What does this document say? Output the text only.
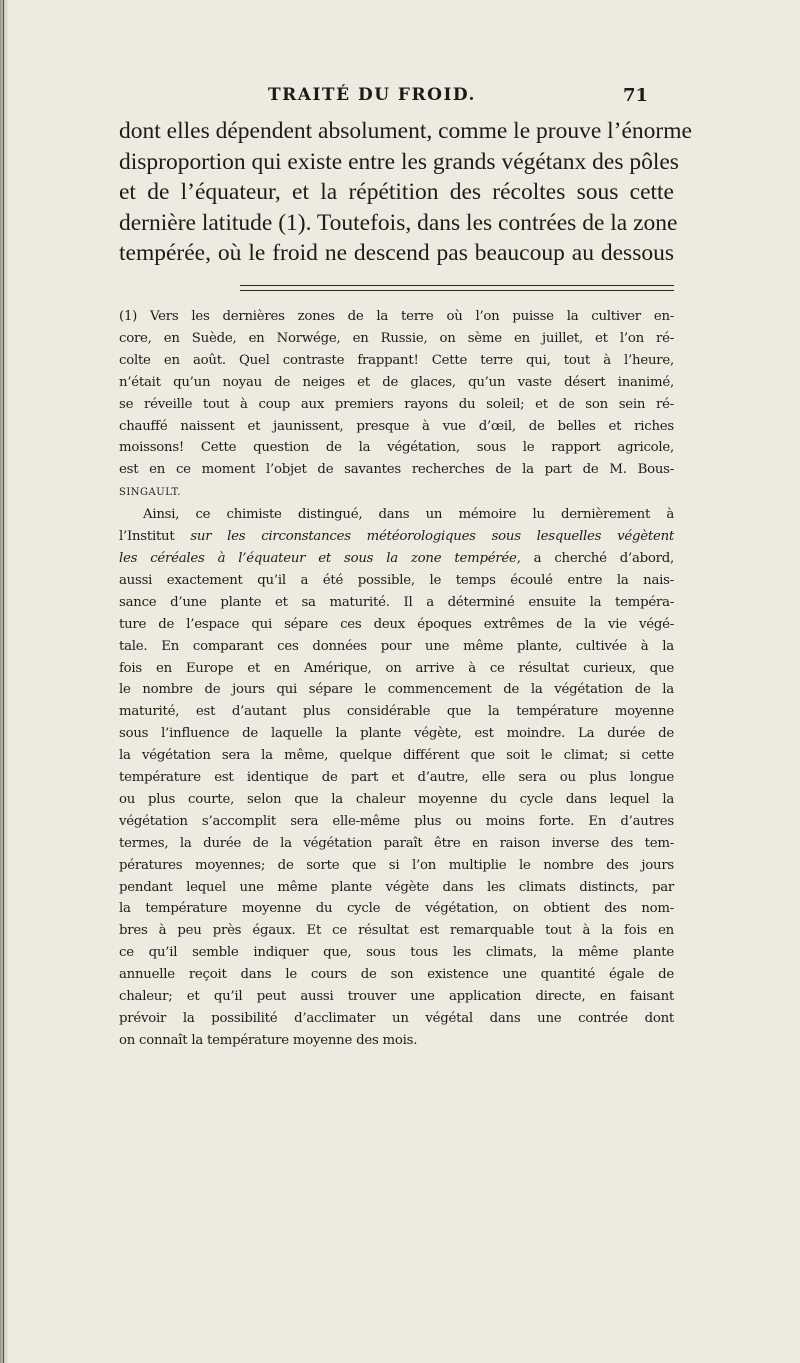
TRAITÉ DU FROID.	71
dont elles dépendent absolument, comme le prouve l’énorme
disproportion qui existe entre les grands végétanx des pôles
et de l’équateur, et la répétition des récoltes sous cette
dernière latitude (1). Toutefois, dans les contrées de la zone
tempérée, où le froid ne descend pas beaucoup au dessous
(1) Vers les dernières zones de la terre où l’on puisse la cultiver en-
core, en Suède, en Norwége, en Russie, on sème en juillet, et l’on ré-
colte en août. Quel contraste frappant! Cette terre qui, tout à l’heure,
n’était qu’un noyau de neiges et de glaces, qu’un vaste désert inanimé,
se réveille tout à coup aux premiers rayons du soleil; et de son sein ré-
chauffé naissent et jaunissent, presque à vue d’œil, de belles et riches
moissons! Cette question de la végétation, sous le rapport agricole,
est en ce moment l’objet de savantes recherches de la part de M. Bous-
SINGAULT.
Ainsi, ce chimiste distingué, dans un mémoire lu dernièrement à
l’Institut sur les circonstances météorologiques sous lesquelles végètent
les céréales à l’équateur et sous la zone tempérée, a cherché d’abord,
aussi exactement qu’il a été possible, le temps écoulé entre la nais-
sance d’une plante et sa maturité. Il a déterminé ensuite la tempéra-
ture de l’espace qui sépare ces deux époques extrêmes de la vie végé-
tale. En comparant ces données pour une même plante, cultivée à la
fois en Europe et en Amérique, on arrive à ce résultat curieux, que
le nombre de jours qui sépare le commencement de la végétation de la
maturité, est d’autant plus considérable que la température moyenne
sous l’influence de laquelle la plante végète, est moindre. La durée de
la végétation sera la même, quelque différent que soit le climat; si cette
température est identique de part et d’autre, elle sera ou plus longue
ou plus courte, selon que la chaleur moyenne du cycle dans lequel la
végétation s’accomplit sera elle-même plus ou moins forte. En d’autres
termes, la durée de la végétation paraît être en raison inverse des tem-
pératures moyennes; de sorte que si l’on multiplie le nombre des jours
pendant lequel une même plante végète dans les climats distincts, par
la température moyenne du cycle de végétation, on obtient des nom-
bres à peu près égaux. Et ce résultat est remarquable tout à la fois en
ce qu’il semble indiquer que, sous tous les climats, la même plante
annuelle reçoit dans le cours de son existence une quantité égale de
chaleur; et qu’il peut aussi trouver une application directe, en faisant
prévoir la possibilité d’acclimater un végétal dans une contrée dont
on connaît la température moyenne des mois.
